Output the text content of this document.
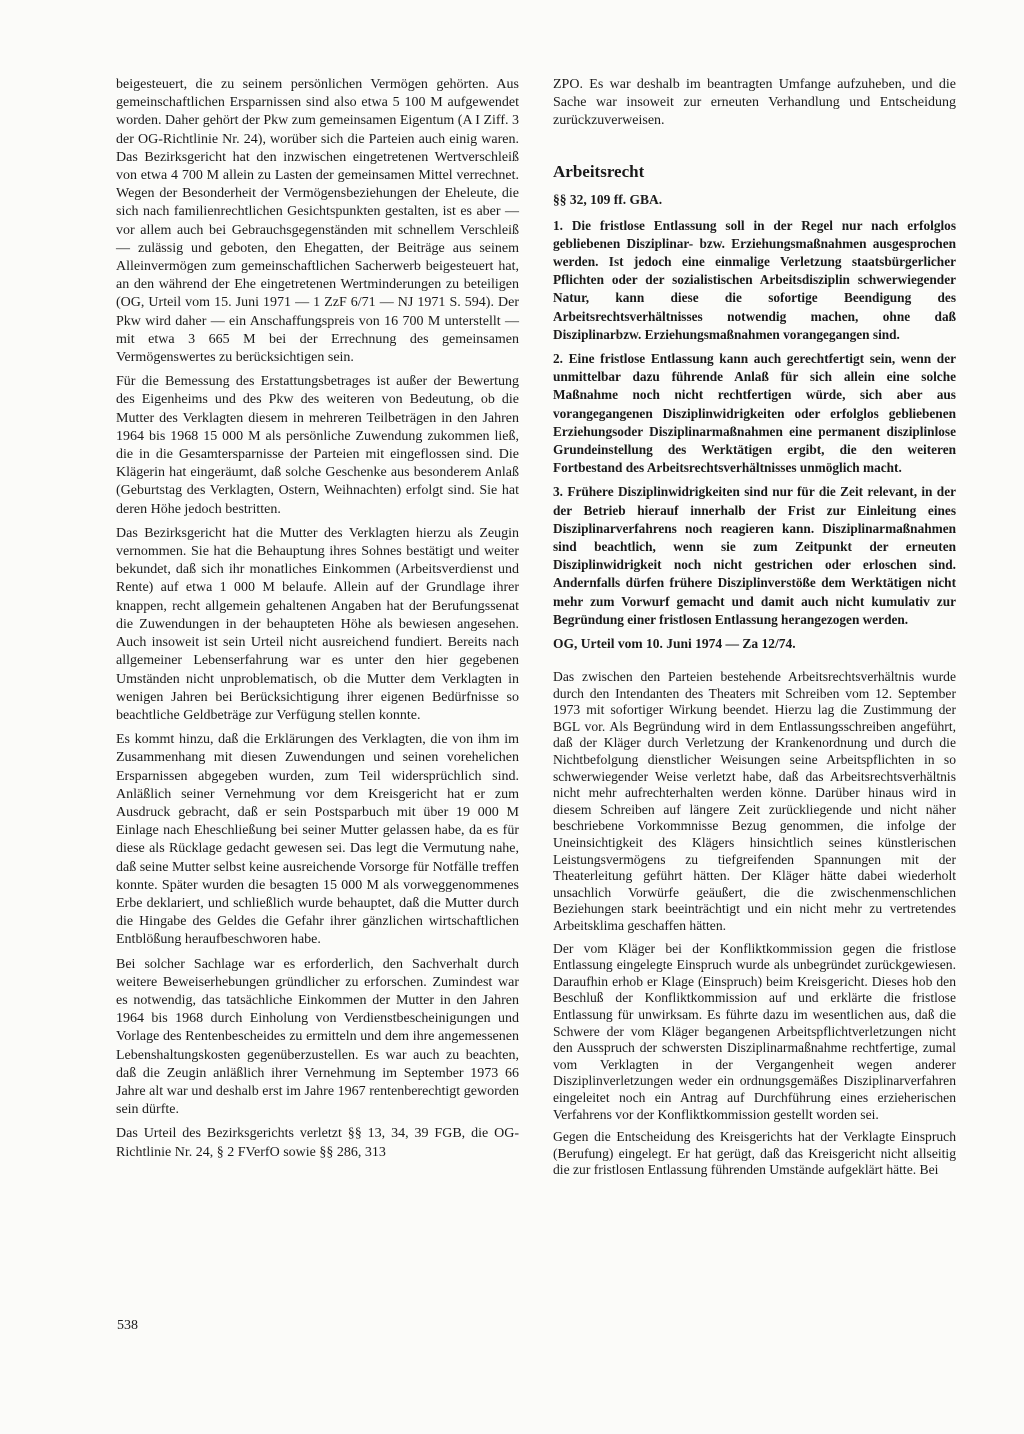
beigesteuert, die zu seinem persönlichen Vermögen gehörten. Aus gemeinschaftlichen Ersparnissen sind also etwa 5 100 M aufgewendet worden. Daher gehört der Pkw zum gemeinsamen Eigentum (A I Ziff. 3 der OG-Richtlinie Nr. 24), worüber sich die Parteien auch einig waren. Das Bezirksgericht hat den inzwischen eingetretenen Wertverschleiß von etwa 4 700 M allein zu Lasten der gemeinsamen Mittel verrechnet. Wegen der Besonderheit der Vermögensbeziehungen der Eheleute, die sich nach familienrechtlichen Gesichtspunkten gestalten, ist es aber — vor allem auch bei Gebrauchsgegenständen mit schnellem Verschleiß — zulässig und geboten, den Ehegatten, der Beiträge aus seinem Alleinvermögen zum gemeinschaftlichen Sacherwerb beigesteuert hat, an den während der Ehe eingetretenen Wertminderungen zu beteiligen (OG, Urteil vom 15. Juni 1971 — 1 ZzF 6/71 — NJ 1971 S. 594). Der Pkw wird daher — ein Anschaffungspreis von 16 700 M unterstellt — mit etwa 3 665 M bei der Errechnung des gemeinsamen Vermögenswertes zu berücksichtigen sein.

Für die Bemessung des Erstattungsbetrages ist außer der Bewertung des Eigenheims und des Pkw des weiteren von Bedeutung, ob die Mutter des Verklagten diesem in mehreren Teilbeträgen in den Jahren 1964 bis 1968 15 000 M als persönliche Zuwendung zukommen ließ, die in die Gesamtersparnisse der Parteien mit eingeflossen sind. Die Klägerin hat eingeräumt, daß solche Geschenke aus besonderem Anlaß (Geburtstag des Verklagten, Ostern, Weihnachten) erfolgt sind. Sie hat deren Höhe jedoch bestritten.

Das Bezirksgericht hat die Mutter des Verklagten hierzu als Zeugin vernommen. Sie hat die Behauptung ihres Sohnes bestätigt und weiter bekundet, daß sich ihr monatliches Einkommen (Arbeitsverdienst und Rente) auf etwa 1 000 M belaufe. Allein auf der Grundlage ihrer knappen, recht allgemein gehaltenen Angaben hat der Berufungssenat die Zuwendungen in der behaupteten Höhe als bewiesen angesehen. Auch insoweit ist sein Urteil nicht ausreichend fundiert. Bereits nach allgemeiner Lebenserfahrung war es unter den hier gegebenen Umständen nicht unproblematisch, ob die Mutter dem Verklagten in wenigen Jahren bei Berücksichtigung ihrer eigenen Bedürfnisse so beachtliche Geldbeträge zur Verfügung stellen konnte.

Es kommt hinzu, daß die Erklärungen des Verklagten, die von ihm im Zusammenhang mit diesen Zuwendungen und seinen vorehelichen Ersparnissen abgegeben wurden, zum Teil widersprüchlich sind. Anläßlich seiner Vernehmung vor dem Kreisgericht hat er zum Ausdruck gebracht, daß er sein Postsparbuch mit über 19 000 M Einlage nach Eheschließung bei seiner Mutter gelassen habe, da es für diese als Rücklage gedacht gewesen sei. Das legt die Vermutung nahe, daß seine Mutter selbst keine ausreichende Vorsorge für Notfälle treffen konnte. Später wurden die besagten 15 000 M als vorweggenommenes Erbe deklariert, und schließlich wurde behauptet, daß die Mutter durch die Hingabe des Geldes die Gefahr ihrer gänzlichen wirtschaftlichen Entblößung heraufbeschworen habe.

Bei solcher Sachlage war es erforderlich, den Sachverhalt durch weitere Beweiserhebungen gründlicher zu erforschen. Zumindest war es notwendig, das tatsächliche Einkommen der Mutter in den Jahren 1964 bis 1968 durch Einholung von Verdienstbescheinigungen und Vorlage des Rentenbescheides zu ermitteln und dem ihre angemessenen Lebenshaltungskosten gegenüberzustellen. Es war auch zu beachten, daß die Zeugin anläßlich ihrer Vernehmung im September 1973 66 Jahre alt war und deshalb erst im Jahre 1967 rentenberechtigt geworden sein dürfte.

Das Urteil des Bezirksgerichts verletzt §§ 13, 34, 39 FGB, die OG-Richtlinie Nr. 24, § 2 FVerfO sowie §§ 286, 313

ZPO. Es war deshalb im beantragten Umfange aufzuheben, und die Sache war insoweit zur erneuten Verhandlung und Entscheidung zurückzuverweisen.

Arbeitsrecht

§§ 32, 109 ff. GBA.

1. Die fristlose Entlassung soll in der Regel nur nach erfolglos gebliebenen Disziplinar- bzw. Erziehungsmaßnahmen ausgesprochen werden. Ist jedoch eine einmalige Verletzung staatsbürgerlicher Pflichten oder der sozialistischen Arbeitsdisziplin schwerwiegender Natur, kann diese die sofortige Beendigung des Arbeitsrechtsverhältnisses notwendig machen, ohne daß Disziplinarbzw. Erziehungsmaßnahmen vorangegangen sind.

2. Eine fristlose Entlassung kann auch gerechtfertigt sein, wenn der unmittelbar dazu führende Anlaß für sich allein eine solche Maßnahme noch nicht rechtfertigen würde, sich aber aus vorangegangenen Disziplinwidrigkeiten oder erfolglos gebliebenen Erziehungsoder Disziplinarmaßnahmen eine permanent disziplinlose Grundeinstellung des Werktätigen ergibt, die den weiteren Fortbestand des Arbeitsrechtsverhältnisses unmöglich macht.

3. Frühere Disziplinwidrigkeiten sind nur für die Zeit relevant, in der der Betrieb hierauf innerhalb der Frist zur Einleitung eines Disziplinarverfahrens noch reagieren kann. Disziplinarmaßnahmen sind beachtlich, wenn sie zum Zeitpunkt der erneuten Disziplinwidrigkeit noch nicht gestrichen oder erloschen sind. Andernfalls dürfen frühere Disziplinverstöße dem Werktätigen nicht mehr zum Vorwurf gemacht und damit auch nicht kumulativ zur Begründung einer fristlosen Entlassung herangezogen werden.

OG, Urteil vom 10. Juni 1974 — Za 12/74.

Das zwischen den Parteien bestehende Arbeitsrechtsverhältnis wurde durch den Intendanten des Theaters mit Schreiben vom 12. September 1973 mit sofortiger Wirkung beendet. Hierzu lag die Zustimmung der BGL vor. Als Begründung wird in dem Entlassungsschreiben angeführt, daß der Kläger durch Verletzung der Krankenordnung und durch die Nichtbefolgung dienstlicher Weisungen seine Arbeitspflichten in so schwerwiegender Weise verletzt habe, daß das Arbeitsrechtsverhältnis nicht mehr aufrechterhalten werden könne. Darüber hinaus wird in diesem Schreiben auf längere Zeit zurückliegende und nicht näher beschriebene Vorkommnisse Bezug genommen, die infolge der Uneinsichtigkeit des Klägers hinsichtlich seines künstlerischen Leistungsvermögens zu tiefgreifenden Spannungen mit der Theaterleitung geführt hätten. Der Kläger hätte dabei wiederholt unsachlich Vorwürfe geäußert, die die zwischenmenschlichen Beziehungen stark beeinträchtigt und ein nicht mehr zu vertretendes Arbeitsklima geschaffen hätten.

Der vom Kläger bei der Konfliktkommission gegen die fristlose Entlassung eingelegte Einspruch wurde als unbegründet zurückgewiesen. Daraufhin erhob er Klage (Einspruch) beim Kreisgericht. Dieses hob den Beschluß der Konfliktkommission auf und erklärte die fristlose Entlassung für unwirksam. Es führte dazu im wesentlichen aus, daß die Schwere der vom Kläger begangenen Arbeitspflichtverletzungen nicht den Ausspruch der schwersten Disziplinarmaßnahme rechtfertige, zumal vom Verklagten in der Vergangenheit wegen anderer Disziplinverletzungen weder ein ordnungsgemäßes Disziplinarverfahren eingeleitet noch ein Antrag auf Durchführung eines erzieherischen Verfahrens vor der Konfliktkommission gestellt worden sei.

Gegen die Entscheidung des Kreisgerichts hat der Verklagte Einspruch (Berufung) eingelegt. Er hat gerügt, daß das Kreisgericht nicht allseitig die zur fristlosen Entlassung führenden Umstände aufgeklärt hätte. Bei

538
